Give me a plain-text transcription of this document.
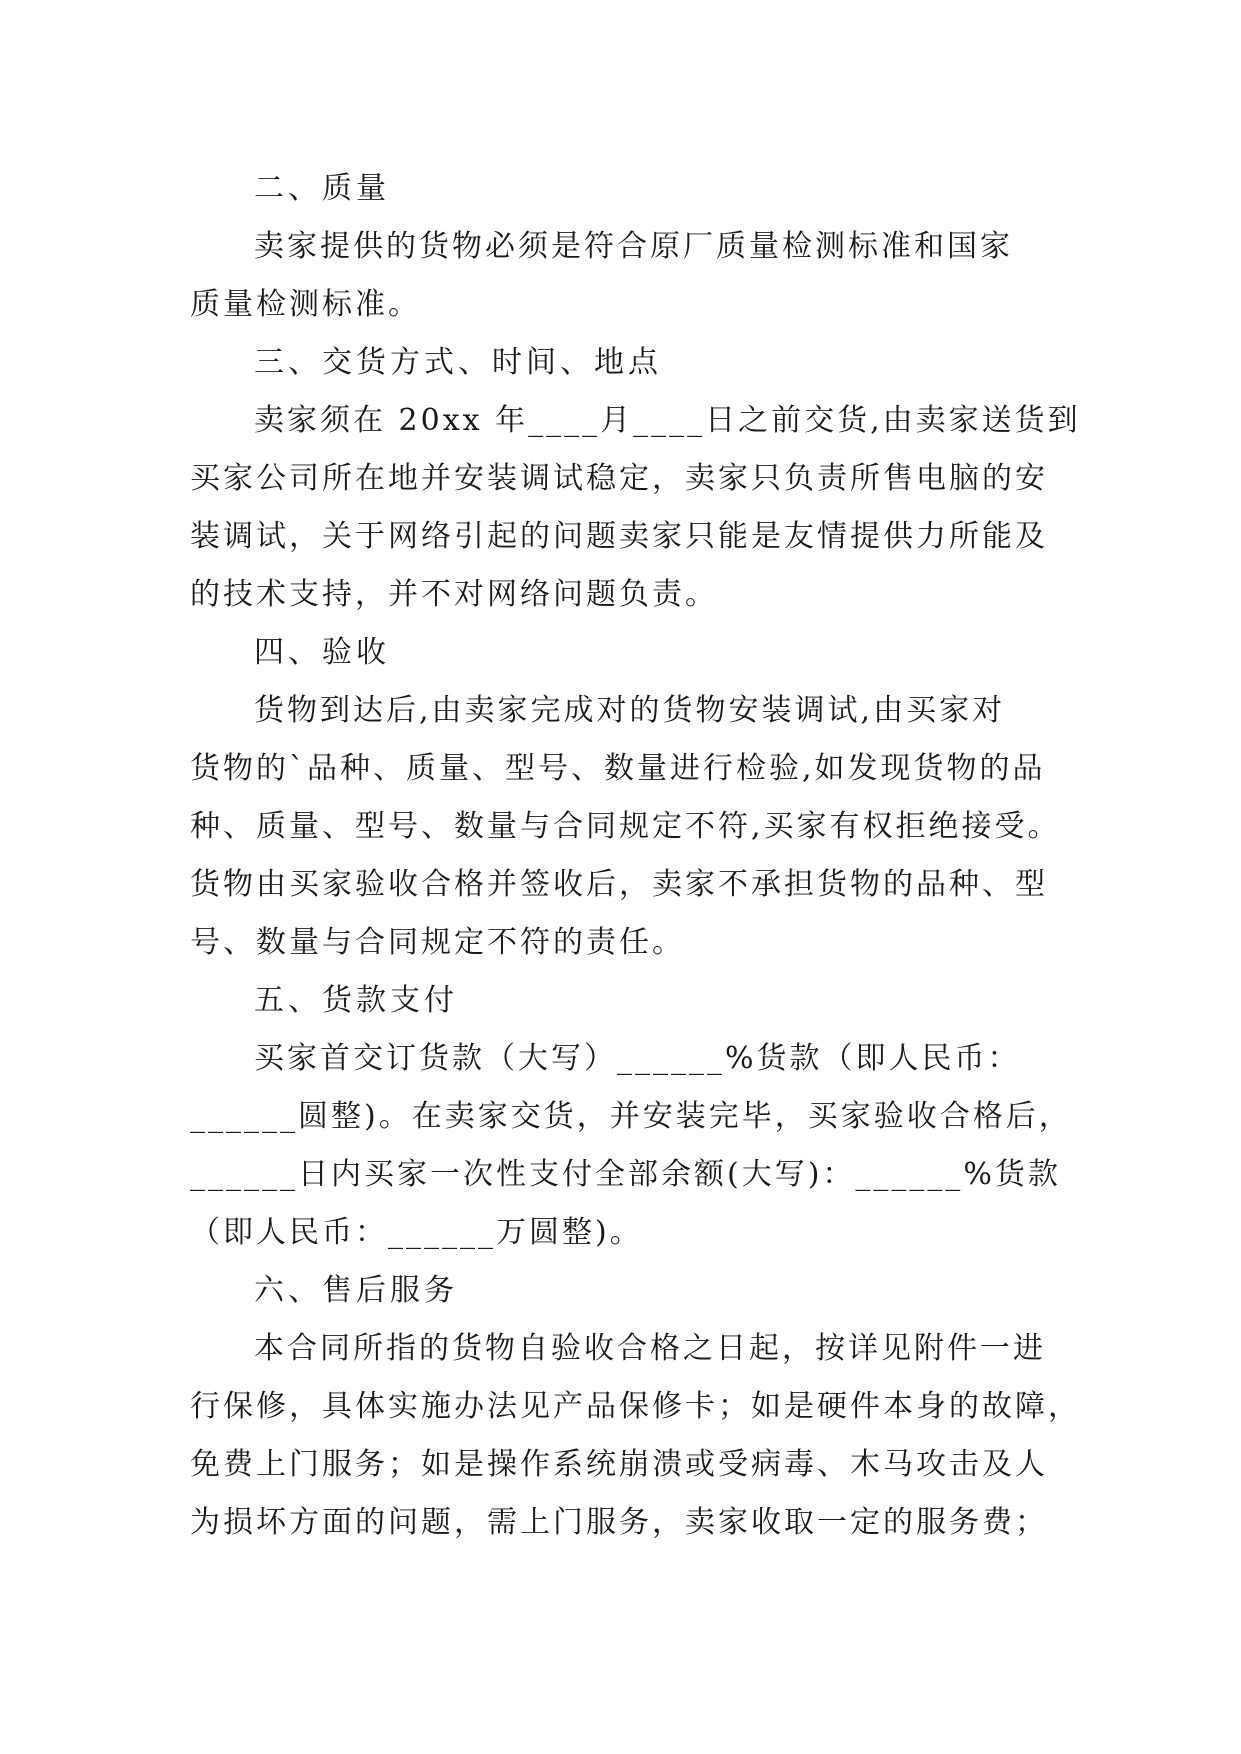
二、质量
卖家提供的货物必须是符合原厂质量检测标准和国家
质量检测标准。
三、交货方式、时间、地点
卖家须在 20xx 年____月____日之前交货,由卖家送货到
买家公司所在地并安装调试稳定，卖家只负责所售电脑的安
装调试，关于网络引起的问题卖家只能是友情提供力所能及
的技术支持，并不对网络问题负责。
四、验收
货物到达后,由卖家完成对的货物安装调试,由买家对
货物的`品种、质量、型号、数量进行检验,如发现货物的品
种、质量、型号、数量与合同规定不符,买家有权拒绝接受。
货物由买家验收合格并签收后，卖家不承担货物的品种、型
号、数量与合同规定不符的责任。
五、货款支付
买家首交订货款（大写）______%货款（即人民币：
______圆整)。在卖家交货，并安装完毕，买家验收合格后，
______日内买家一次性支付全部余额(大写)：______%货款
（即人民币：______万圆整)。
六、售后服务
本合同所指的货物自验收合格之日起，按详见附件一进
行保修，具体实施办法见产品保修卡；如是硬件本身的故障，
免费上门服务；如是操作系统崩溃或受病毒、木马攻击及人
为损坏方面的问题，需上门服务，卖家收取一定的服务费；
